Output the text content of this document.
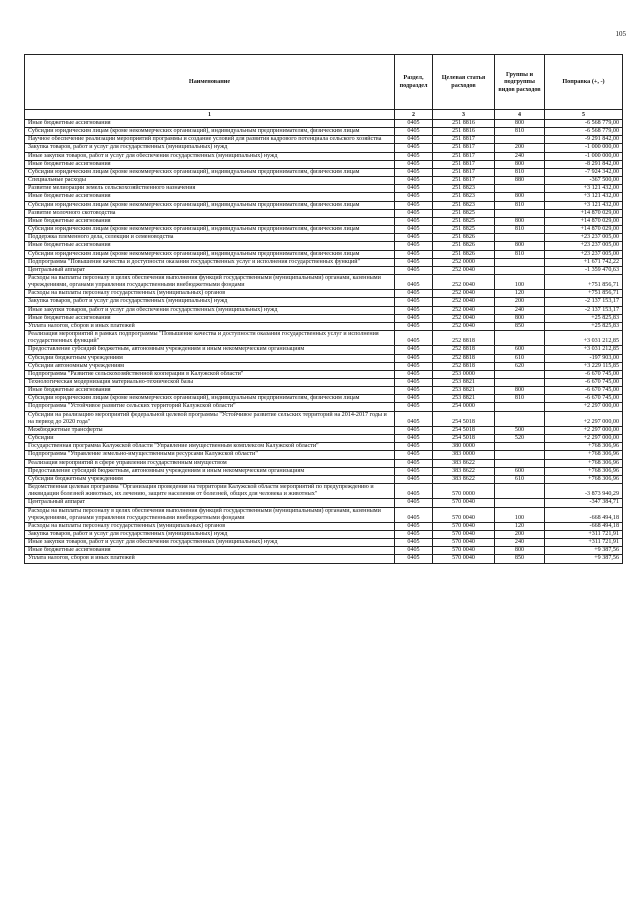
105
Наименование	Раздел, подраздел	Целевая статья расходов	Группы и подгруппы видов расходов	Поправка (+, -)
1	2	3	4	5
Иные бюджетные ассигнования	0405	251 8816	800	-6 568 779,00
Субсидии юридическим лицам (кроме некоммерческих организаций), индивидуальным предпринимателям, физическим лицам	0405	251 8816	810	-6 568 779,00
Научное обеспечение реализации мероприятий программы и создание условий для развития кадрового потенциала сельского хозяйства	0405	251 8817		-9 291 842,00
Закупка товаров, работ и услуг для государственных (муниципальных) нужд	0405	251 8817	200	-1 000 000,00
Иные закупки товаров, работ и услуг для обеспечения государственных (муниципальных) нужд	0405	251 8817	240	-1 000 000,00
Иные бюджетные ассигнования	0405	251 8817	800	-8 291 842,00
Субсидии юридическим лицам (кроме некоммерческих организаций), индивидуальным предпринимателям, физическим лицам	0405	251 8817	810	-7 924 342,00
Специальные расходы	0405	251 8817	880	-367 500,00
Развитие мелиорации земель сельскохозяйственного назначения	0405	251 8823		+3 121 432,00
Иные бюджетные ассигнования	0405	251 8823	800	+3 121 432,00
Субсидии юридическим лицам (кроме некоммерческих организаций), индивидуальным предпринимателям, физическим лицам	0405	251 8823	810	+3 121 432,00
Развитие молочного скотоводства	0405	251 8825		+14 870 029,00
Иные бюджетные ассигнования	0405	251 8825	800	+14 870 029,00
Субсидии юридическим лицам (кроме некоммерческих организаций), индивидуальным предпринимателям, физическим лицам	0405	251 8825	810	+14 870 029,00
Поддержка племенного дела, селекции и семеноводства	0405	251 8826		+23 237 005,00
Иные бюджетные ассигнования	0405	251 8826	800	+23 237 005,00
Субсидии юридическим лицам (кроме некоммерческих организаций), индивидуальным предпринимателям, физическим лицам	0405	251 8826	810	+23 237 005,00
Подпрограмма "Повышение качества и доступности оказания государственных услуг и исполнения государственных функций"	0405	252 0000		+1 671 742,22
Центральный аппарат	0405	252 0040		-1 359 470,63
Расходы на выплаты персоналу в целях обеспечения выполнения функций государственными (муниципальными) органами, казенными учреждениями, органами управления государственными внебюджетными фондами	0405	252 0040	100	+751 856,71
Расходы на выплаты персоналу государственных (муниципальных) органов	0405	252 0040	120	+751 856,71
Закупка товаров, работ и услуг для государственных (муниципальных) нужд	0405	252 0040	200	-2 137 153,17
Иные закупки товаров, работ и услуг для обеспечения государственных (муниципальных) нужд	0405	252 0040	240	-2 137 153,17
Иные бюджетные ассигнования	0405	252 0040	800	+25 825,83
Уплата налогов, сборов и иных платежей	0405	252 0040	850	+25 825,83
Реализация мероприятий в рамках подпрограммы "Повышение качества и доступности оказания государственных услуг и исполнения государственных функций"	0405	252 8818		+3 031 212,85
Предоставление субсидий бюджетным, автономным учреждениям и иным некоммерческим организациям	0405	252 8818	600	+3 031 212,85
Субсидии бюджетным учреждениям	0405	252 8818	610	-197 903,00
Субсидии автономным учреждениям	0405	252 8818	620	+3 229 115,85
Подпрограмма "Развитие сельскохозяйственной кооперации в Калужской области"	0405	253 0000		-6 670 745,00
Технологическая модернизация материально-технической базы	0405	253 8821		-6 670 745,00
Иные бюджетные ассигнования	0405	253 8821	800	-6 670 745,00
Субсидии юридическим лицам (кроме некоммерческих организаций), индивидуальным предпринимателям, физическим лицам	0405	253 8821	810	-6 670 745,00
Подпрограмма "Устойчивое развитие сельских территорий Калужской области"	0405	254 0000		+2 297 000,00
Субсидии на реализацию мероприятий федеральной целевой программы "Устойчивое развитие сельских территорий на 2014-2017 годы и на период до 2020 года"	0405	254 5018		+2 297 000,00
Межбюджетные трансферты	0405	254 5018	500	+2 297 000,00
Субсидии	0405	254 5018	520	+2 297 000,00
Государственная программа Калужской области "Управление имущественным комплексом Калужской области"	0405	380 0000		+768 306,96
Подпрограмма "Управление земельно-имущественными ресурсами Калужской области"	0405	383 0000		+768 306,96
Реализация мероприятий в сфере управления государственным имуществом	0405	383 8622		+768 306,96
Предоставление субсидий бюджетным, автономным учреждениям и иным некоммерческим организациям	0405	383 8622	600	+768 306,96
Субсидии бюджетным учреждениям	0405	383 8622	610	+768 306,96
Ведомственная целевая программа "Организация проведения на территории Калужской области мероприятий по предупреждению и ликвидации болезней животных, их лечению, защите населения от болезней, общих для человека и животных"	0405	570 0000		-3 873 940,29
Центральный аппарат	0405	570 0040		-347 384,71
Расходы на выплаты персоналу в целях обеспечения выполнения функций государственными (муниципальными) органами, казенными учреждениями, органами управления государственными внебюджетными фондами	0405	570 0040	100	-668 494,18
Расходы на выплаты персоналу государственных (муниципальных) органов	0405	570 0040	120	-668 494,18
Закупка товаров, работ и услуг для государственных (муниципальных) нужд	0405	570 0040	200	+311 721,91
Иные закупки товаров, работ и услуг для обеспечения государственных (муниципальных) нужд	0405	570 0040	240	+311 721,91
Иные бюджетные ассигнования	0405	570 0040	800	+9 387,56
Уплата налогов, сборов и иных платежей	0405	570 0040	850	+9 387,56
